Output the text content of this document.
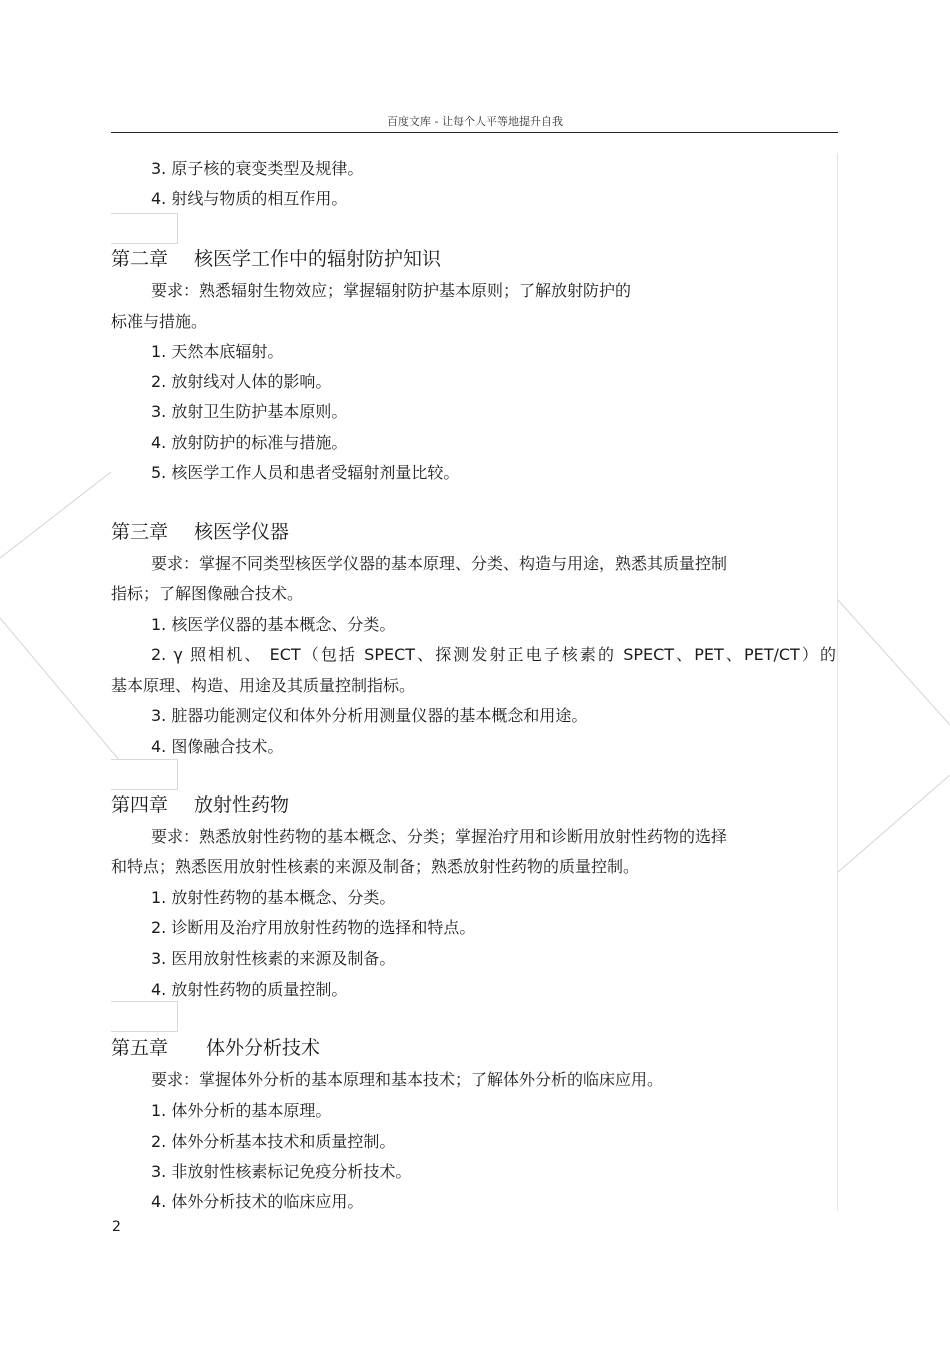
百度文库 - 让每个人平等地提升自我
3. 原子核的衰变类型及规律。
4. 射线与物质的相互作用。
第二章 核医学工作中的辐射防护知识
要求：熟悉辐射生物效应；掌握辐射防护基本原则；了解放射防护的
标准与措施。
1. 天然本底辐射。
2. 放射线对人体的影响。
3. 放射卫生防护基本原则。
4. 放射防护的标准与措施。
5. 核医学工作人员和患者受辐射剂量比较。
第三章 核医学仪器
要求：掌握不同类型核医学仪器的基本原理、分类、构造与用途，熟悉其质量控制
指标；了解图像融合技术。
1. 核医学仪器的基本概念、分类。
2. γ 照相机、 ECT（包括 SPECT、探测发射正电子核素的 SPECT、PET、PET/CT）的
基本原理、构造、用途及其质量控制指标。
3. 脏器功能测定仪和体外分析用测量仪器的基本概念和用途。
4. 图像融合技术。
第四章 放射性药物
要求：熟悉放射性药物的基本概念、分类；掌握治疗用和诊断用放射性药物的选择
和特点；熟悉医用放射性核素的来源及制备；熟悉放射性药物的质量控制。
1. 放射性药物的基本概念、分类。
2. 诊断用及治疗用放射性药物的选择和特点。
3. 医用放射性核素的来源及制备。
4. 放射性药物的质量控制。
第五章 体外分析技术
要求：掌握体外分析的基本原理和基本技术；了解体外分析的临床应用。
1. 体外分析的基本原理。
2. 体外分析基本技术和质量控制。
3. 非放射性核素标记免疫分析技术。
4. 体外分析技术的临床应用。
2
